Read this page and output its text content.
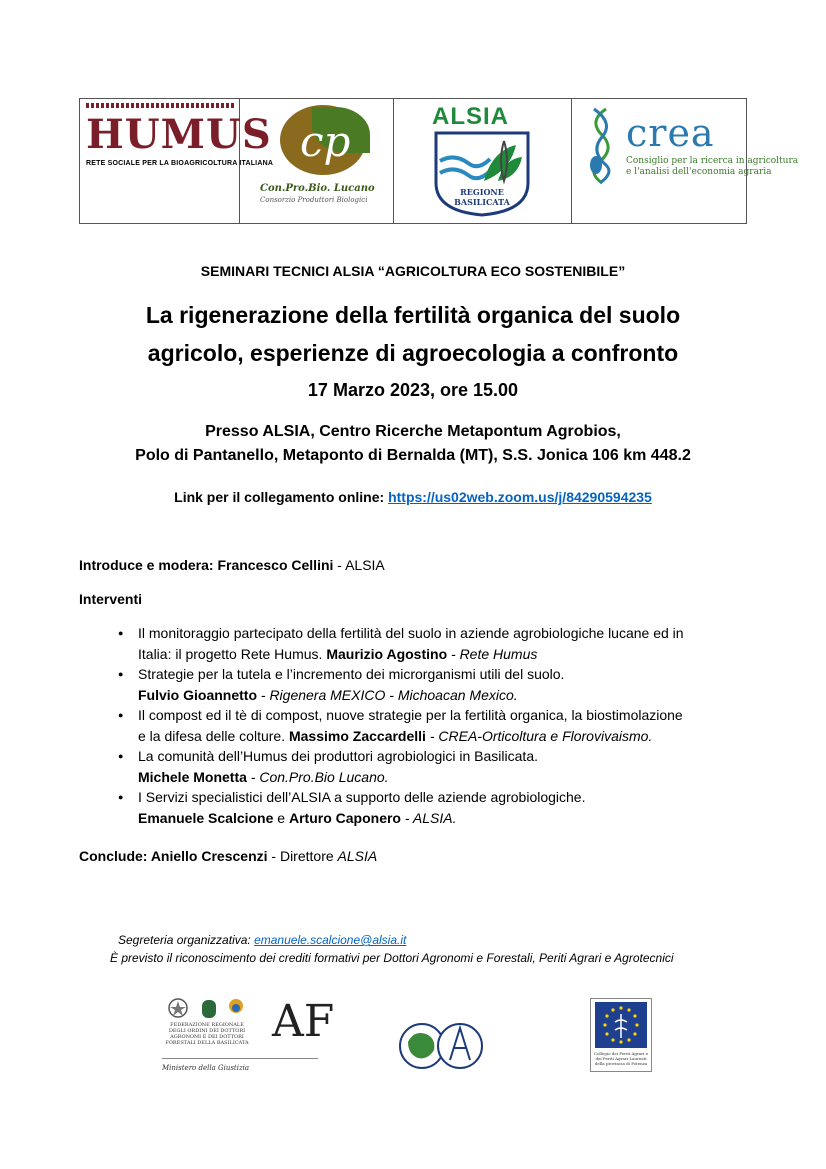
HUMUS
RETE SOCIALE PER LA BIOAGRICOLTURA ITALIANA cp
Con.Pro.Bio. Lucano
Consorzio Produttori Biologici
ALSIA
REGIONE
BASILICATA
crea
Consiglio per la ricerca in agricoltura
e l'analisi dell'economia agraria
SEMINARI TECNICI ALSIA “AGRICOLTURA ECO SOSTENIBILE”
La rigenerazione della fertilità organica del suolo
agricolo, esperienze di agroecologia a confronto
17 Marzo 2023, ore 15.00
Presso ALSIA, Centro Ricerche Metapontum Agrobios,
Polo di Pantanello, Metaponto di Bernalda (MT), S.S. Jonica 106 km 448.2
Link per il collegamento online: https://us02web.zoom.us/j/84290594235
Introduce e modera: Francesco Cellini - ALSIA
Interventi
● Il monitoraggio partecipato della fertilità del suolo in aziende agrobiologiche lucane ed in
Italia: il progetto Rete Humus. Maurizio Agostino - Rete Humus
● Strategie per la tutela e l’incremento dei microrganismi utili del suolo.
Fulvio Gioannetto - Rigenera MEXICO - Michoacan Mexico.
● Il compost ed il tè di compost, nuove strategie per la fertilità organica, la biostimolazione
e la difesa delle colture. Massimo Zaccardelli - CREA-Orticoltura e Florovivaismo.
● La comunità dell’Humus dei produttori agrobiologici in Basilicata.
Michele Monetta - Con.Pro.Bio Lucano.
● I Servizi specialistici dell’ALSIA a supporto delle aziende agrobiologiche.
Emanuele Scalcione e Arturo Caponero - ALSIA.
Conclude: Aniello Crescenzi - Direttore ALSIA
Segreteria organizzativa: emanuele.scalcione@alsia.it
È previsto il riconoscimento dei crediti formativi per Dottori Agronomi e Forestali, Periti Agrari e Agrotecnici
FEDERAZIONE REGIONALE DEGLI ORDINI DEI DOTTORI AGRONOMI E DEI DOTTORI FORESTALI DELLA BASILICATA AF
Ministero della Giustizia
Collegio dei Periti Agrari e dei Periti Agrari Laureati della provincia di Potenza
